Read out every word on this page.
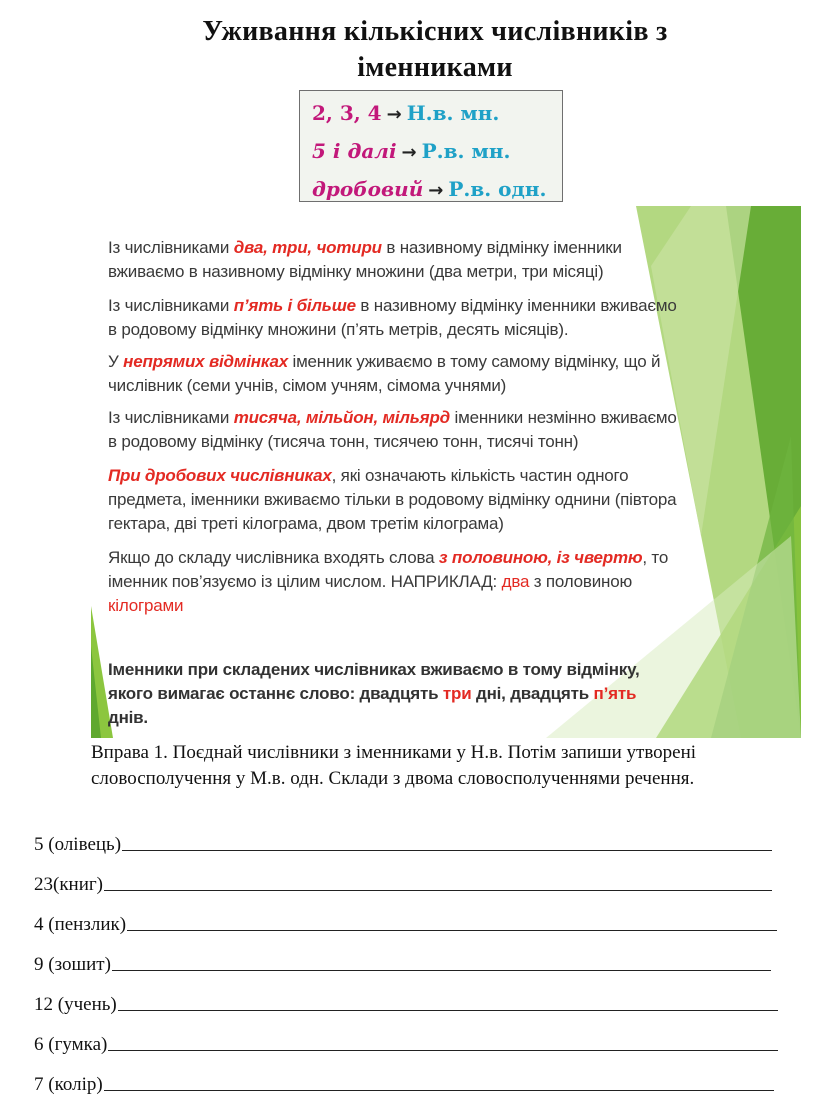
Уживання кількісних числівників з
іменниками
2, 3, 4 → Н.в. мн.
5 і далі → Р.в. мн.
дробовий → Р.в. одн.
Із числівниками два, три, чотири в називному відмінку іменники вживаємо в називному відмінку множини (два метри, три місяці)
Із числівниками п’ять і більше в називному відмінку іменники вживаємо в родовому відмінку множини (п’ять метрів, десять місяців).
У непрямих відмінках іменник уживаємо в тому самому відмінку, що й числівник (семи учнів, сімом учням, сімома учнями)
Із числівниками тисяча, мільйон, мільярд іменники незмінно вживаємо в родовому відмінку (тисяча тонн, тисячею тонн, тисячі тонн)
При дробових числівниках, які означають кількість частин одного предмета, іменники вживаємо тільки в родовому відмінку однини (півтора гектара, дві треті кілограма, двом третім кілограма)
Якщо до складу числівника входять слова з половиною, із чвертю, то іменник пов’язуємо із цілим числом. НАПРИКЛАД: два з половиною кілограми
Іменники при складених числівниках вживаємо в тому відмінку, якого вимагає останнє слово: двадцять три дні, двадцять п’ять днів.
Вправа 1. Поєднай числівники з іменниками у Н.в. Потім запиши утворені словосполучення у М.в. одн. Склади з двома словосполученнями речення.
5 (олівець)
23(книг)
4 (пензлик)
9 (зошит)
12 (учень)
6 (гумка)
7 (колір)
